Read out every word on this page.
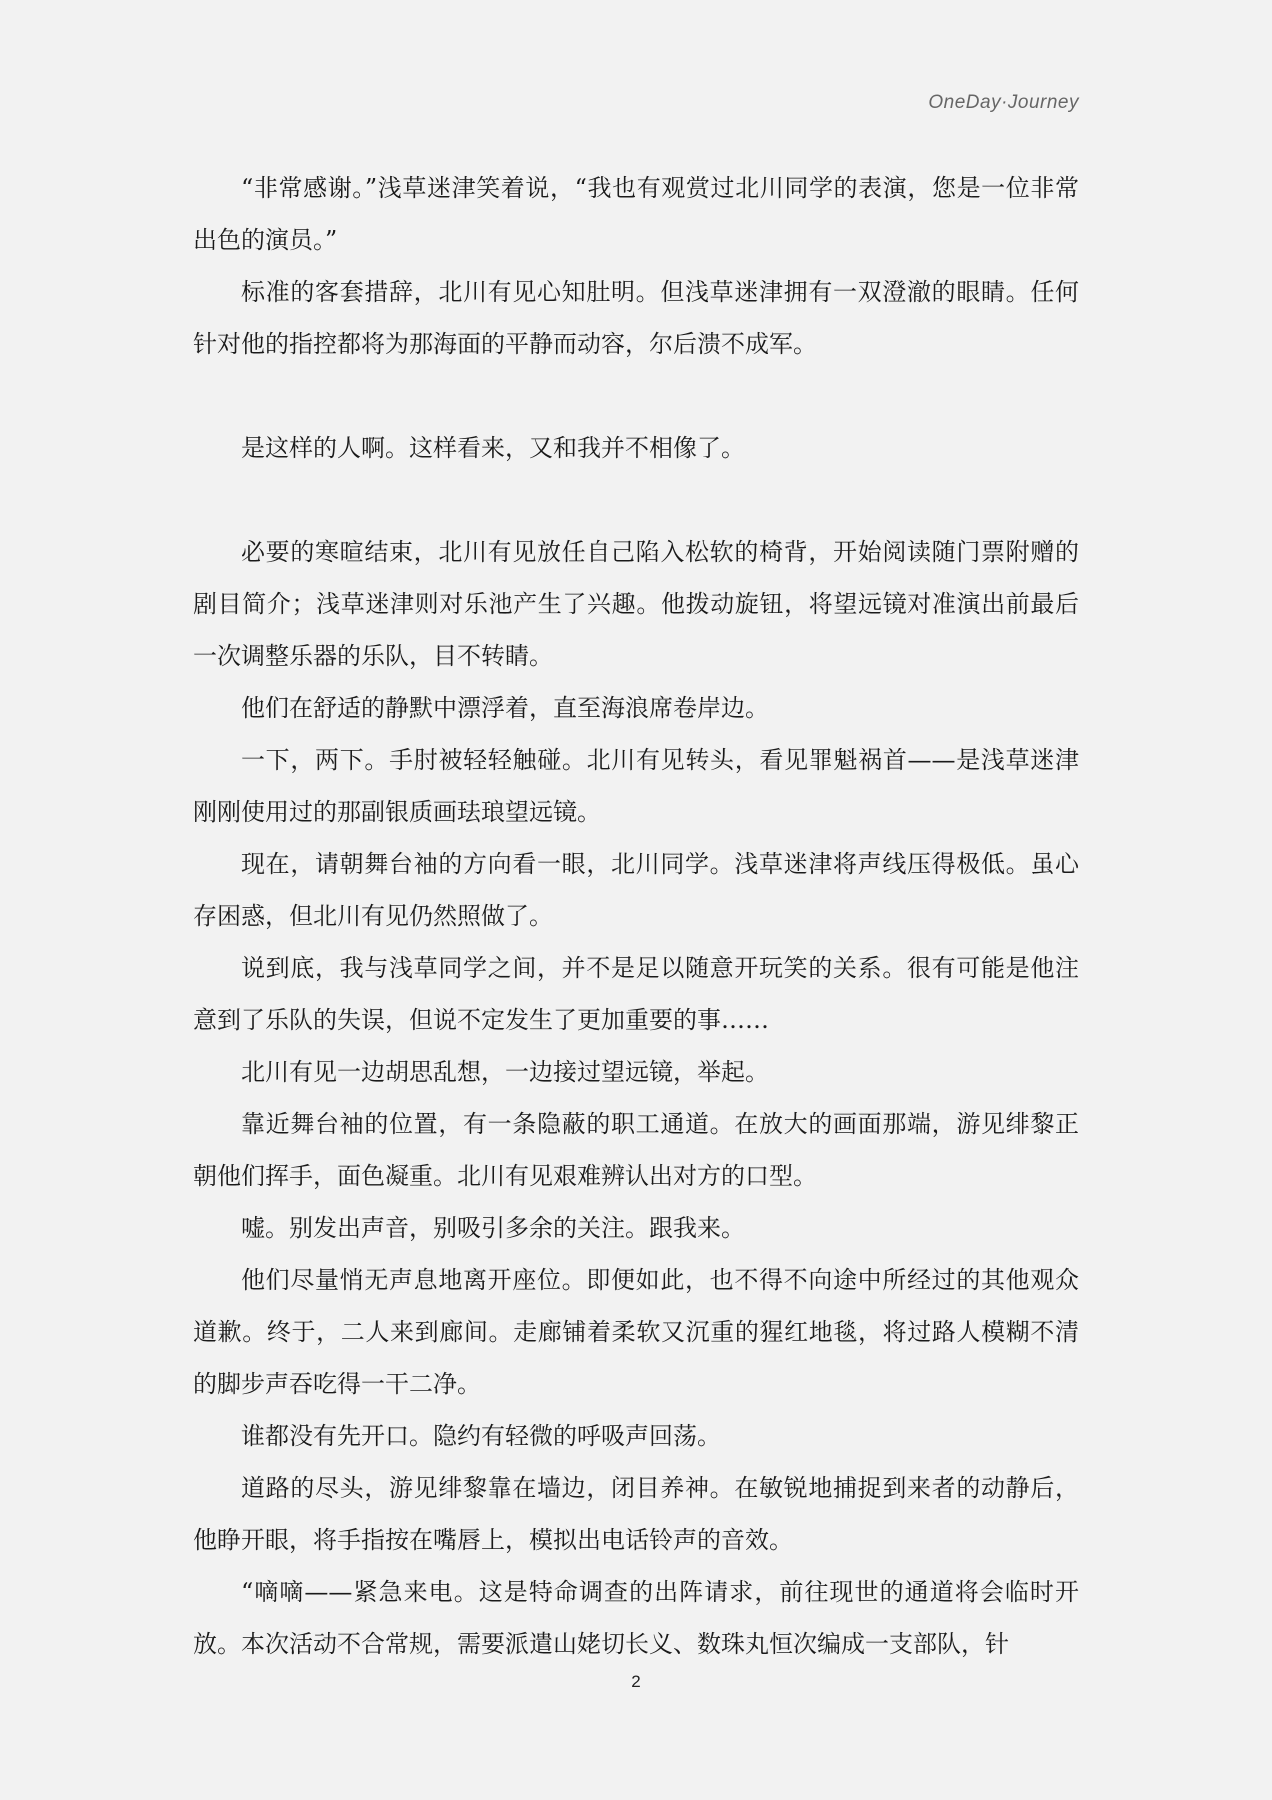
OneDay·Journey

“非常感谢。”浅草迷津笑着说，“我也有观赏过北川同学的表演，您是一位非常出色的演员。”

标准的客套措辞，北川有见心知肚明。但浅草迷津拥有一双澄澈的眼睛。任何针对他的指控都将为那海面的平静而动容，尔后溃不成军。

是这样的人啊。这样看来，又和我并不相像了。

必要的寒暄结束，北川有见放任自己陷入松软的椅背，开始阅读随门票附赠的剧目简介；浅草迷津则对乐池产生了兴趣。他拨动旋钮，将望远镜对准演出前最后一次调整乐器的乐队，目不转睛。

他们在舒适的静默中漂浮着，直至海浪席卷岸边。

一下，两下。手肘被轻轻触碰。北川有见转头，看见罪魁祸首——是浅草迷津刚刚使用过的那副银质画珐琅望远镜。

现在，请朝舞台袖的方向看一眼，北川同学。浅草迷津将声线压得极低。虽心存困惑，但北川有见仍然照做了。

说到底，我与浅草同学之间，并不是足以随意开玩笑的关系。很有可能是他注意到了乐队的失误，但说不定发生了更加重要的事……

北川有见一边胡思乱想，一边接过望远镜，举起。

靠近舞台袖的位置，有一条隐蔽的职工通道。在放大的画面那端，游见绯黎正朝他们挥手，面色凝重。北川有见艰难辨认出对方的口型。

嘘。别发出声音，别吸引多余的关注。跟我来。

他们尽量悄无声息地离开座位。即便如此，也不得不向途中所经过的其他观众道歉。终于，二人来到廊间。走廊铺着柔软又沉重的猩红地毯，将过路人模糊不清的脚步声吞吃得一干二净。

谁都没有先开口。隐约有轻微的呼吸声回荡。

道路的尽头，游见绯黎靠在墙边，闭目养神。在敏锐地捕捉到来者的动静后，他睁开眼，将手指按在嘴唇上，模拟出电话铃声的音效。

“嘀嘀——紧急来电。这是特命调查的出阵请求，前往现世的通道将会临时开放。本次活动不合常规，需要派遣山姥切长义、数珠丸恒次编成一支部队，针

2
